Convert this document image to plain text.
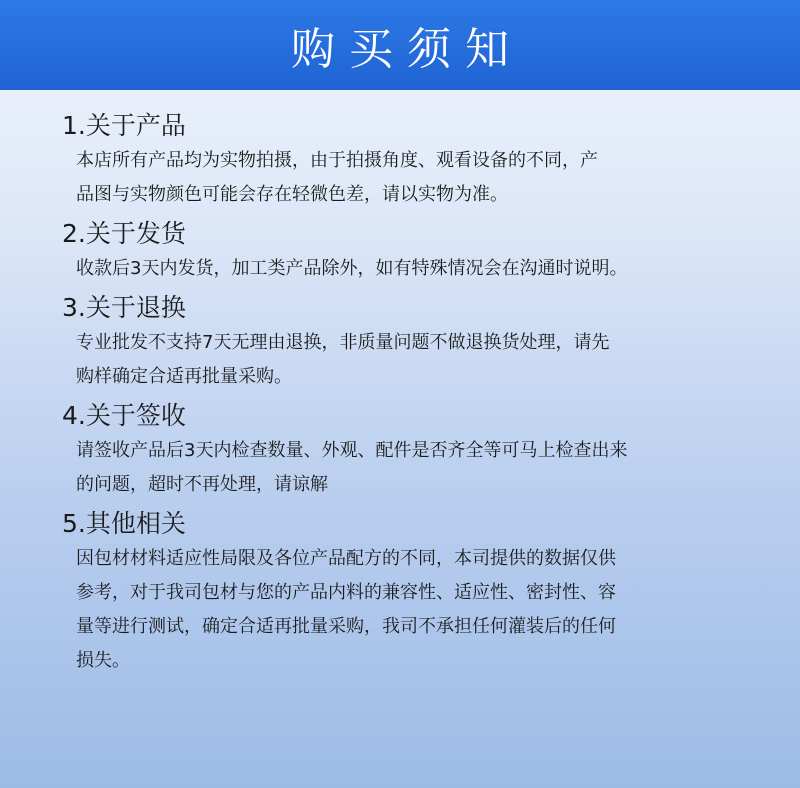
购买须知

1.关于产品

本店所有产品均为实物拍摄，由于拍摄角度、观看设备的不同，产

品图与实物颜色可能会存在轻微色差，请以实物为准。

2.关于发货

收款后3天内发货，加工类产品除外，如有特殊情况会在沟通时说明。

3.关于退换

专业批发不支持7天无理由退换，非质量问题不做退换货处理，请先

购样确定合适再批量采购。

4.关于签收

请签收产品后3天内检查数量、外观、配件是否齐全等可马上检查出来

的问题，超时不再处理，请谅解

5.其他相关

因包材材料适应性局限及各位产品配方的不同，本司提供的数据仅供

参考，对于我司包材与您的产品内料的兼容性、适应性、密封性、容

量等进行测试，确定合适再批量采购，我司不承担任何灌装后的任何

损失。
